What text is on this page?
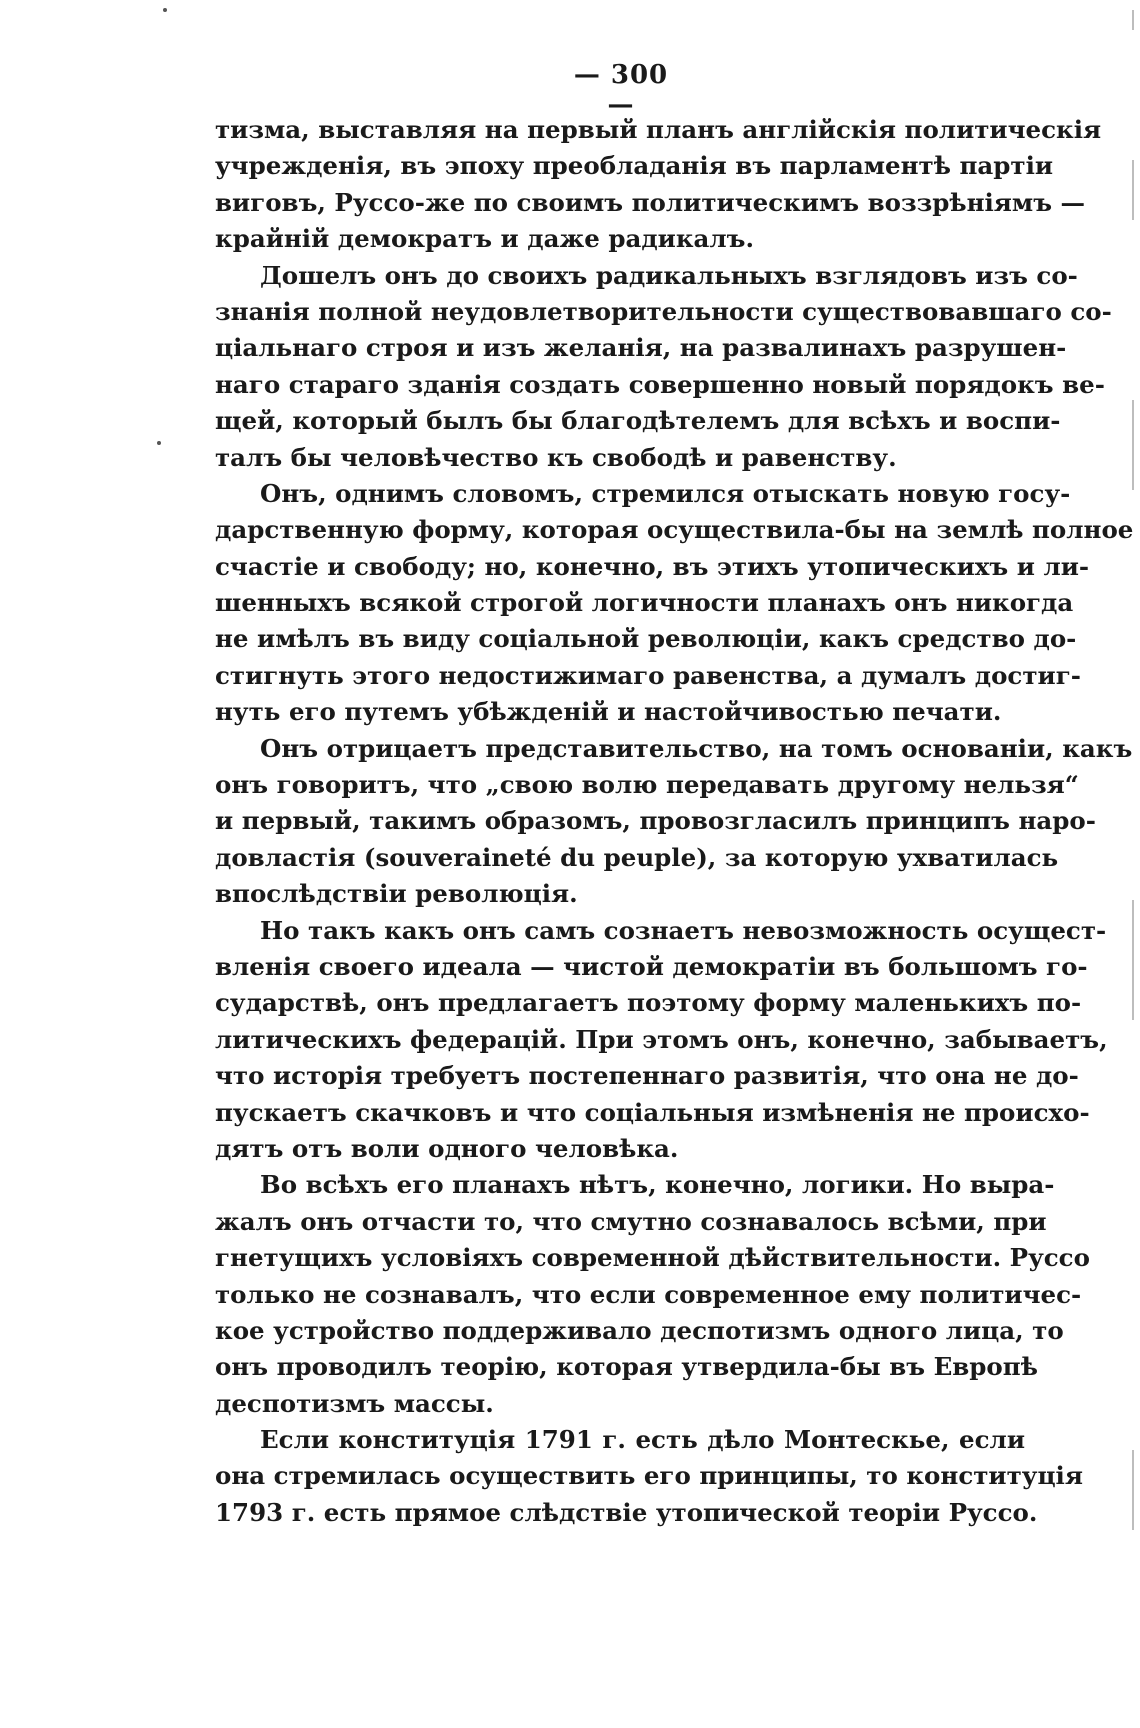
— 300 —
тизма, выставляя на первый планъ англійскія политическія
учрежденія, въ эпоху преобладанія въ парламентѣ партіи
виговъ, Руссо-же по своимъ политическимъ воззрѣніямъ —
крайній демократъ и даже радикалъ.
Дошелъ онъ до своихъ радикальныхъ взглядовъ изъ со-
знанія полной неудовлетворительности существовавшаго со-
ціальнаго строя и изъ желанія, на развалинахъ разрушен-
наго стараго зданія создать совершенно новый порядокъ ве-
щей, который былъ бы благодѣтелемъ для всѣхъ и воспи-
талъ бы человѣчество къ свободѣ и равенству.
Онъ, однимъ словомъ, стремился отыскать новую госу-
дарственную форму, которая осуществила-бы на землѣ полное
счастіе и свободу; но, конечно, въ этихъ утопическихъ и ли-
шенныхъ всякой строгой логичности планахъ онъ никогда
не имѣлъ въ виду соціальной революціи, какъ средство до-
стигнуть этого недостижимаго равенства, а думалъ достиг-
нуть его путемъ убѣжденій и настойчивостью печати.
Онъ отрицаетъ представительство, на томъ основаніи, какъ
онъ говоритъ, что „свою волю передавать другому нельзя“
и первый, такимъ образомъ, провозгласилъ принципъ наро-
довластія (souveraineté du peuple), за которую ухватилась
впослѣдствіи революція.
Но такъ какъ онъ самъ сознаетъ невозможность осущест-
вленія своего идеала — чистой демократіи въ большомъ го-
сударствѣ, онъ предлагаетъ поэтому форму маленькихъ по-
литическихъ федерацій. При этомъ онъ, конечно, забываетъ,
что исторія требуетъ постепеннаго развитія, что она не до-
пускаетъ скачковъ и что соціальныя измѣненія не происхо-
дятъ отъ воли одного человѣка.
Во всѣхъ его планахъ нѣтъ, конечно, логики. Но выра-
жалъ онъ отчасти то, что смутно сознавалось всѣми, при
гнетущихъ условіяхъ современной дѣйствительности. Руссо
только не сознавалъ, что если современное ему политичес-
кое устройство поддерживало деспотизмъ одного лица, то
онъ проводилъ теорію, которая утвердила-бы въ Европѣ
деспотизмъ массы.
Если конституція 1791 г. есть дѣло Монтескье, если
она стремилась осуществить его принципы, то конституція
1793 г. есть прямое слѣдствіе утопической теоріи Руссо.
